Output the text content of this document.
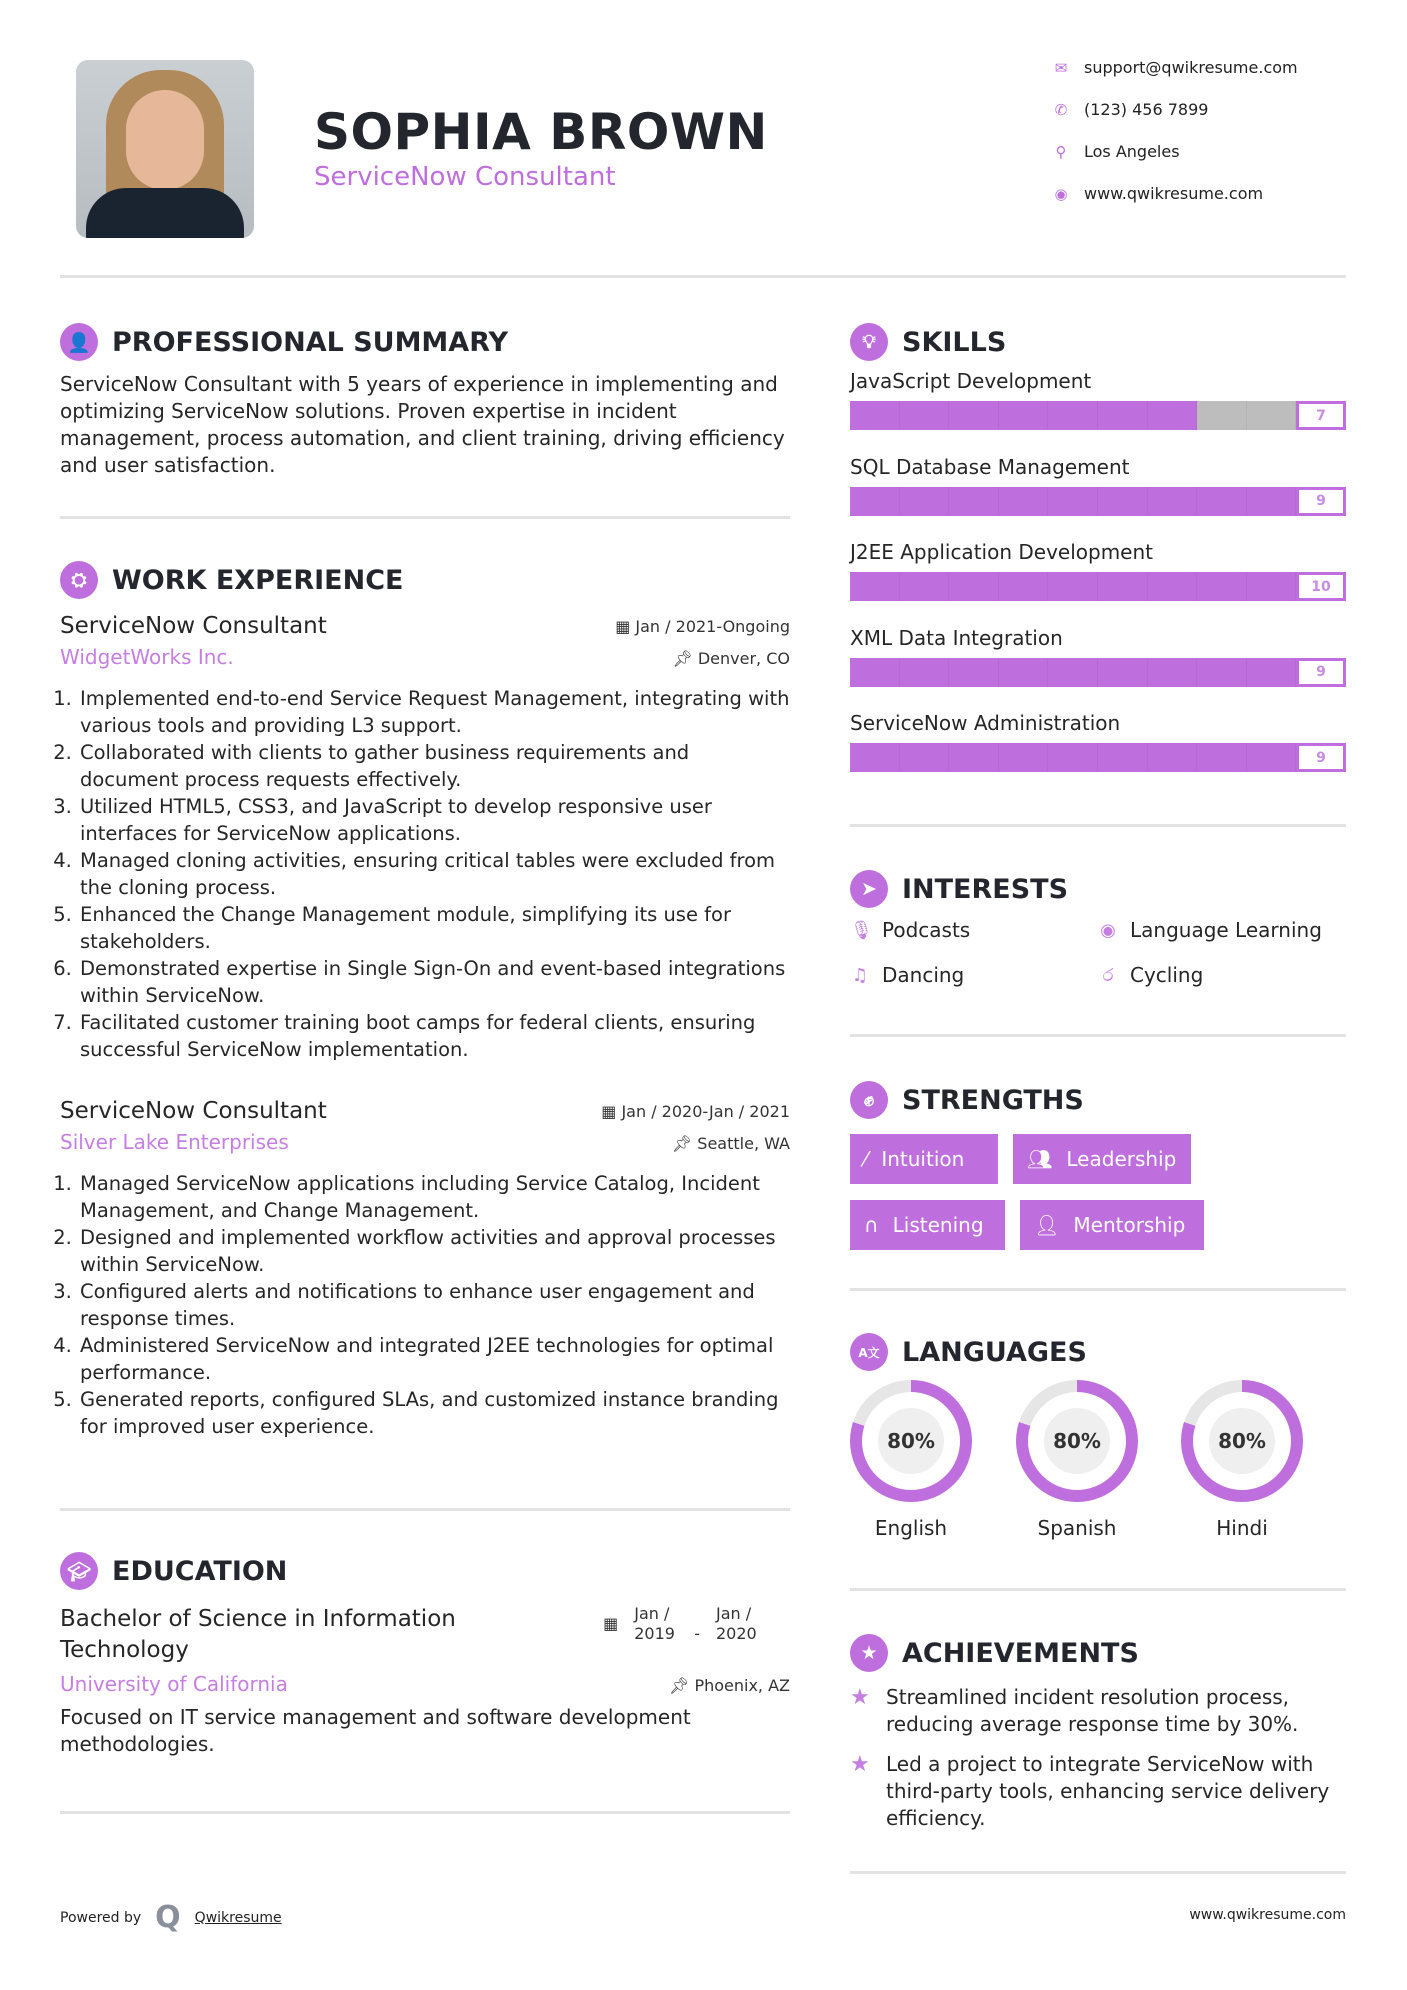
SOPHIA BROWN
ServiceNow Consultant
✉ support@qwikresume.com
✆ (123) 456 7899
⚲ Los Angeles
◉ www.qwikresume.com
👤 PROFESSIONAL SUMMARY

ServiceNow Consultant with 5 years of experience in implementing and optimizing ServiceNow solutions. Proven expertise in incident management, process automation, and client training, driving efficiency and user satisfaction.

⛭ WORK EXPERIENCE
ServiceNow Consultant	▦ Jan / 2021-Ongoing
WidgetWorks Inc.	📌︎ Denver, CO
1. Implemented end-to-end Service Request Management, integrating with various tools and providing L3 support.
2. Collaborated with clients to gather business requirements and document process requests effectively.
3. Utilized HTML5, CSS3, and JavaScript to develop responsive user interfaces for ServiceNow applications.
4. Managed cloning activities, ensuring critical tables were excluded from the cloning process.
5. Enhanced the Change Management module, simplifying its use for stakeholders.
6. Demonstrated expertise in Single Sign-On and event-based integrations within ServiceNow.
7. Facilitated customer training boot camps for federal clients, ensuring successful ServiceNow implementation.
ServiceNow Consultant	▦ Jan / 2020-Jan / 2021
Silver Lake Enterprises	📌︎ Seattle, WA
1. Managed ServiceNow applications including Service Catalog, Incident Management, and Change Management.
2. Designed and implemented workflow activities and approval processes within ServiceNow.
3. Configured alerts and notifications to enhance user engagement and response times.
4. Administered ServiceNow and integrated J2EE technologies for optimal performance.
5. Generated reports, configured SLAs, and customized instance branding for improved user experience.
🎓︎ EDUCATION
Bachelor of Science in Information Technology
▦
Jan / 2019 -
Jan / 2020
University of California	📌︎ Phoenix, AZ

Focused on IT service management and software development methodologies.

💡︎ SKILLS
JavaScript Development
7
SQL Database Management
9
J2EE Application Development
10
XML Data Integration
9
ServiceNow Administration
9
➤ INTERESTS
🎙︎ Podcasts	◉ Language Learning
♫ Dancing	ර Cycling
✊︎	STRENGTHS
⁄ Intuition	👥︎ Leadership
∩ Listening	👤︎ Mentorship
A文 LANGUAGES
80%
English
80%
Spanish
80%
Hindi
★ ACHIEVEMENTS
★ Streamlined incident resolution process, reducing average response time by 30%.
★ Led a project to integrate ServiceNow with third-party tools, enhancing service delivery efficiency.
Powered by Q Qwikresume	www.qwikresume.com
